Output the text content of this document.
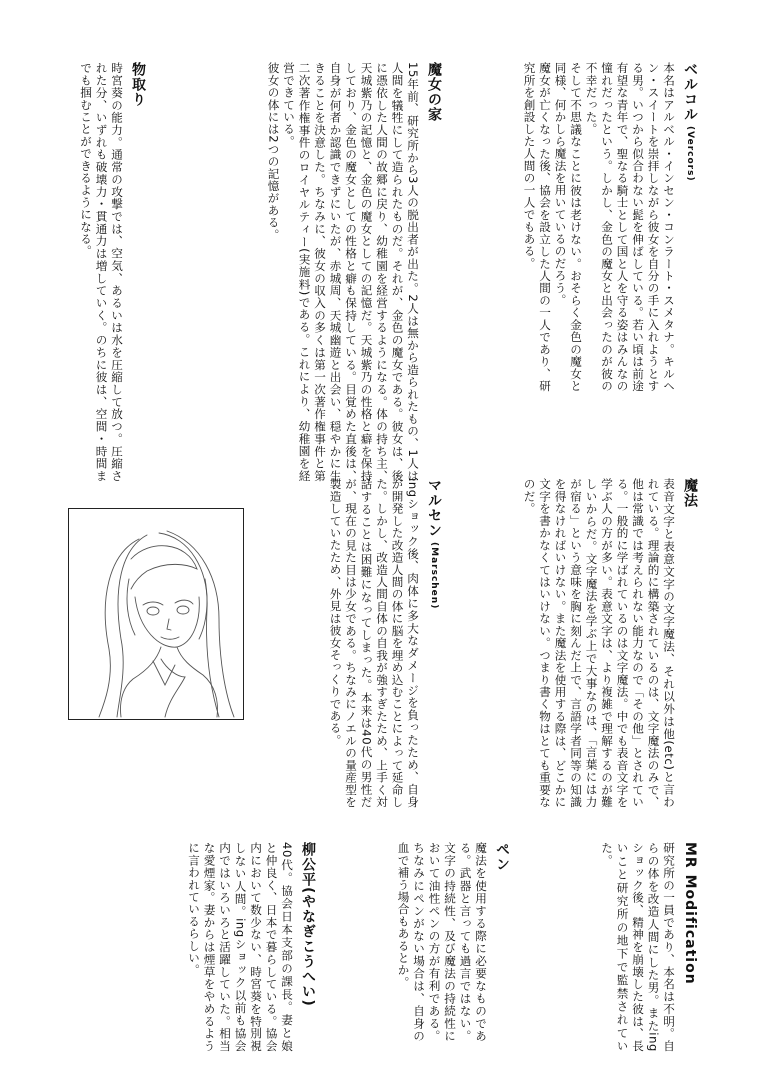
ベルコル(Vercors)

本名はアルベル・インセン・コンラート・スメタナ。キルヘン・スイートを崇拝しながら彼女を自分の手に入れようとする男。いつから似合わない髭を伸ばしている。若い頃は前途有望な青年で、聖なる騎士として国と人を守る姿はみんなの憧れだったという。しかし、金色の魔女と出会ったのが彼の不幸だった。

そして不思議なことに彼は老けない。おそらく金色の魔女と同様、何かしら魔法を用いているのだろう。

魔女が亡くなった後、協会を設立した人間の一人であり、研究所を創設した人間の一人でもある。

魔女の家

15年前、研究所から3人の脱出者が出た。2人は無から造られたもの、1人は人間を犠牲にして造られたものだ。それが、金色の魔女である。彼女は、後に憑依した人間の故郷に戻り、幼稚園を経営するようになる。体の持ち主、天城紫乃の記憶と、金色の魔女としての記憶だ。天城紫乃の性格と癖を保持しており、金色の魔女としての性格と癖も保持している。目覚めた直後は、自身が何者か認識できずにいたが、赤城周、天城幽遊と出会い、穏やかに生きることを決意した。ちなみに、彼女の収入の多くは第一次著作権事件と第二次著作権事件のロイヤルティー(実施料)である。これにより、幼稚園を経営できている。

彼女の体には2つの記憶がある。

物取り

時宮葵の能力。通常の攻撃では、空気、あるいは水を圧縮して放つ。圧縮された分、いずれも破壊力・貫通力は増していく。のちに彼は、空間・時間までも掴むことができるようになる。

魔法

表音文字と表意文字の文字魔法、それ以外は他(etc)と言われている。理論的に構築されているのは、文字魔法のみで、他は常識では考えられない能力なので「その他」とされている。一般的に学ばれているのは文字魔法。中でも表音文字を学ぶ人の方が多い。表意文字は、より複雑で理解するのが難しいからだ。文字魔法を学ぶ上で大事なのは、「言葉には力が宿る」という意味を胸に刻んだ上で、言語学者同等の知識を得なければいけない。また魔法を使用する際は、どこかに文字を書かなくてはいけない。つまり書く物はとても重要なのだ。

マルセン(Marschen)

ingショック後、肉体に多大なダメージを負ったため、自身が開発した改造人間の体に脳を埋め込むことによって延命した。しかし、改造人間自体の自我が強すぎたため、上手く対話することは困難になってしまった。本来は40代の男性だが、現在の見た目は少女である。ちなみにノエルの量産型を製造していたため、外見は彼女そっくりである。

MR Modification

研究所の一員であり、本名は不明。自らの体を改造人間にした男。またingショック後、精神を崩壊した彼は、長いこと研究所の地下で監禁されていた。

ペン

魔法を使用する際に必要なものである。武器と言っても過言ではない。文字の持続性、及び魔法の持続性において油性ペンの方が有利である。ちなみにペンがない場合は、自身の血で補う場合もあるとか。

柳公平(やなぎこうへい)

40代。協会日本支部の課長。妻と娘と仲良く、日本で暮らしている。協会内において数少ない、時宮葵を特別視しない人間。ingショック以前も協会内ではいろいろと活躍していた。相当な愛煙家。妻からは煙草をやめるように言われているらしい。
